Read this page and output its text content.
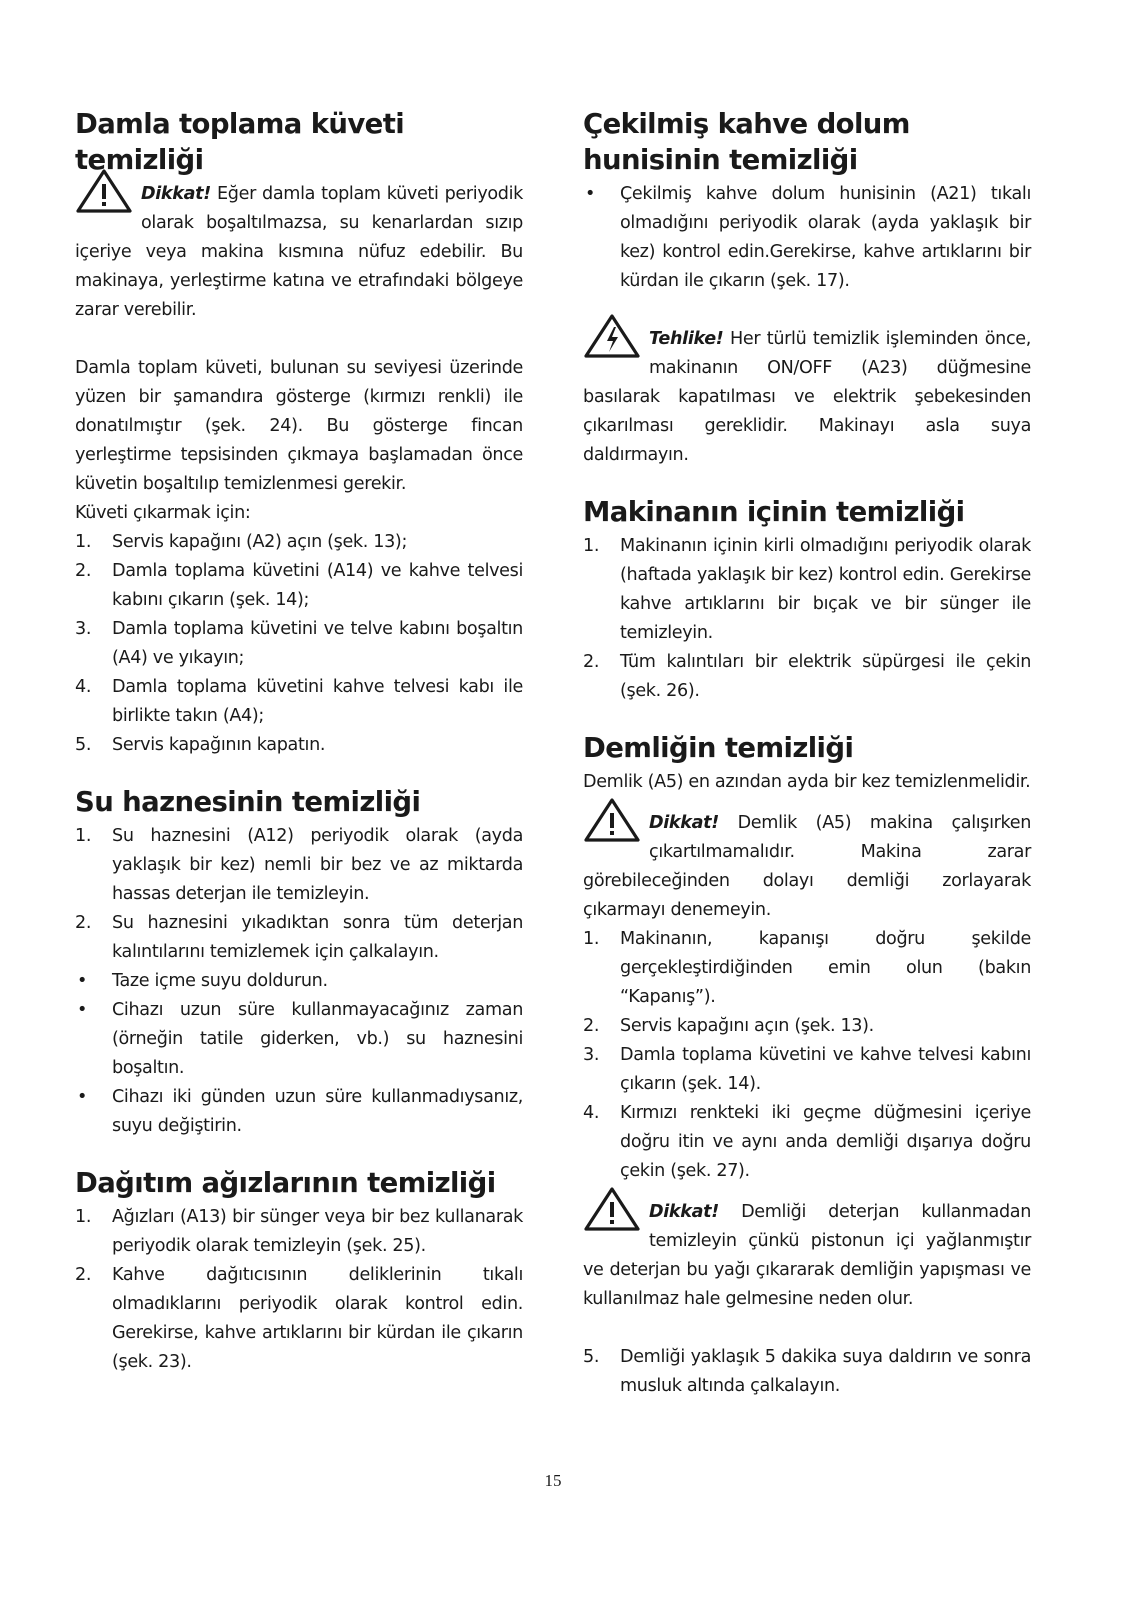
Damla toplama küveti temizliği

Dikkat! Eğer damla toplam küveti periyodik olarak boşaltılmazsa, su kenarlardan sızıp içeriye veya makina kısmına nüfuz edebilir. Bu makinaya, yerleştirme katına ve etrafındaki bölgeye zarar verebilir.

Damla toplam küveti, bulunan su seviyesi üzerinde yüzen bir şamandıra gösterge (kırmızı renkli) ile donatılmıştır (şek. 24). Bu gösterge fincan yerleştirme tepsisinden çıkmaya başlamadan önce küvetin boşaltılıp temizlenmesi gerekir.

Küveti çıkarmak için:

1. Servis kapağını (A2) açın (şek. 13);
2. Damla toplama küvetini (A14) ve kahve telvesi kabını çıkarın (şek. 14);
3. Damla toplama küvetini ve telve kabını boşaltın (A4) ve yıkayın;
4. Damla toplama küvetini kahve telvesi kabı ile birlikte takın (A4);
5. Servis kapağının kapatın.
Su haznesinin temizliği
1. Su haznesini (A12) periyodik olarak (ayda yaklaşık bir kez) nemli bir bez ve az miktarda hassas deterjan ile temizleyin.
2. Su haznesini yıkadıktan sonra tüm deterjan kalıntılarını temizlemek için çalkalayın.
• Taze içme suyu doldurun.
• Cihazı uzun süre kullanmayacağınız zaman (örneğin tatile giderken, vb.) su haznesini boşaltın.
• Cihazı iki günden uzun süre kullanmadıysanız, suyu değiştirin.
Dağıtım ağızlarının temizliği
1. Ağızları (A13) bir sünger veya bir bez kullanarak periyodik olarak temizleyin (şek. 25).
2. Kahve dağıtıcısının deliklerinin tıkalı olmadıklarını periyodik olarak kontrol edin. Gerekirse, kahve artıklarını bir kürdan ile çıkarın (şek. 23).
Çekilmiş kahve dolum
hunisinin temizliği
• Çekilmiş kahve dolum hunisinin (A21) tıkalı olmadığını periyodik olarak (ayda yaklaşık bir kez) kontrol edin.Gerekirse, kahve artıklarını bir kürdan ile çıkarın (şek. 17).

Tehlike! Her türlü temizlik işleminden önce, makinanın ON/OFF (A23) düğmesine basılarak kapatılması ve elektrik şebekesinden çıkarılması gereklidir. Makinayı asla suya daldırmayın.

Makinanın içinin temizliği
1. Makinanın içinin kirli olmadığını periyodik olarak (haftada yaklaşık bir kez) kontrol edin. Gerekirse kahve artıklarını bir bıçak ve bir sünger ile temizleyin.
2. Tüm kalıntıları bir elektrik süpürgesi ile çekin (şek. 26).
Demliğin temizliği

Demlik (A5) en azından ayda bir kez temizlenmelidir.

Dikkat! Demlik (A5) makina çalışırken çıkartılmamalıdır. Makina zarar görebileceğinden dolayı demliği zorlayarak çıkarmayı denemeyin.

1. Makinanın, kapanışı doğru şekilde gerçekleştirdiğinden emin olun (bakın “Kapanış”).
2. Servis kapağını açın (şek. 13).
3. Damla toplama küvetini ve kahve telvesi kabını çıkarın (şek. 14).
4. Kırmızı renkteki iki geçme düğmesini içeriye doğru itin ve aynı anda demliği dışarıya doğru çekin (şek. 27).

Dikkat! Demliği deterjan kullanmadan temizleyin çünkü pistonun içi yağlanmıştır ve deterjan bu yağı çıkararak demliğin yapışması ve kullanılmaz hale gelmesine neden olur.

5. Demliği yaklaşık 5 dakika suya daldırın ve sonra musluk altında çalkalayın.
15
